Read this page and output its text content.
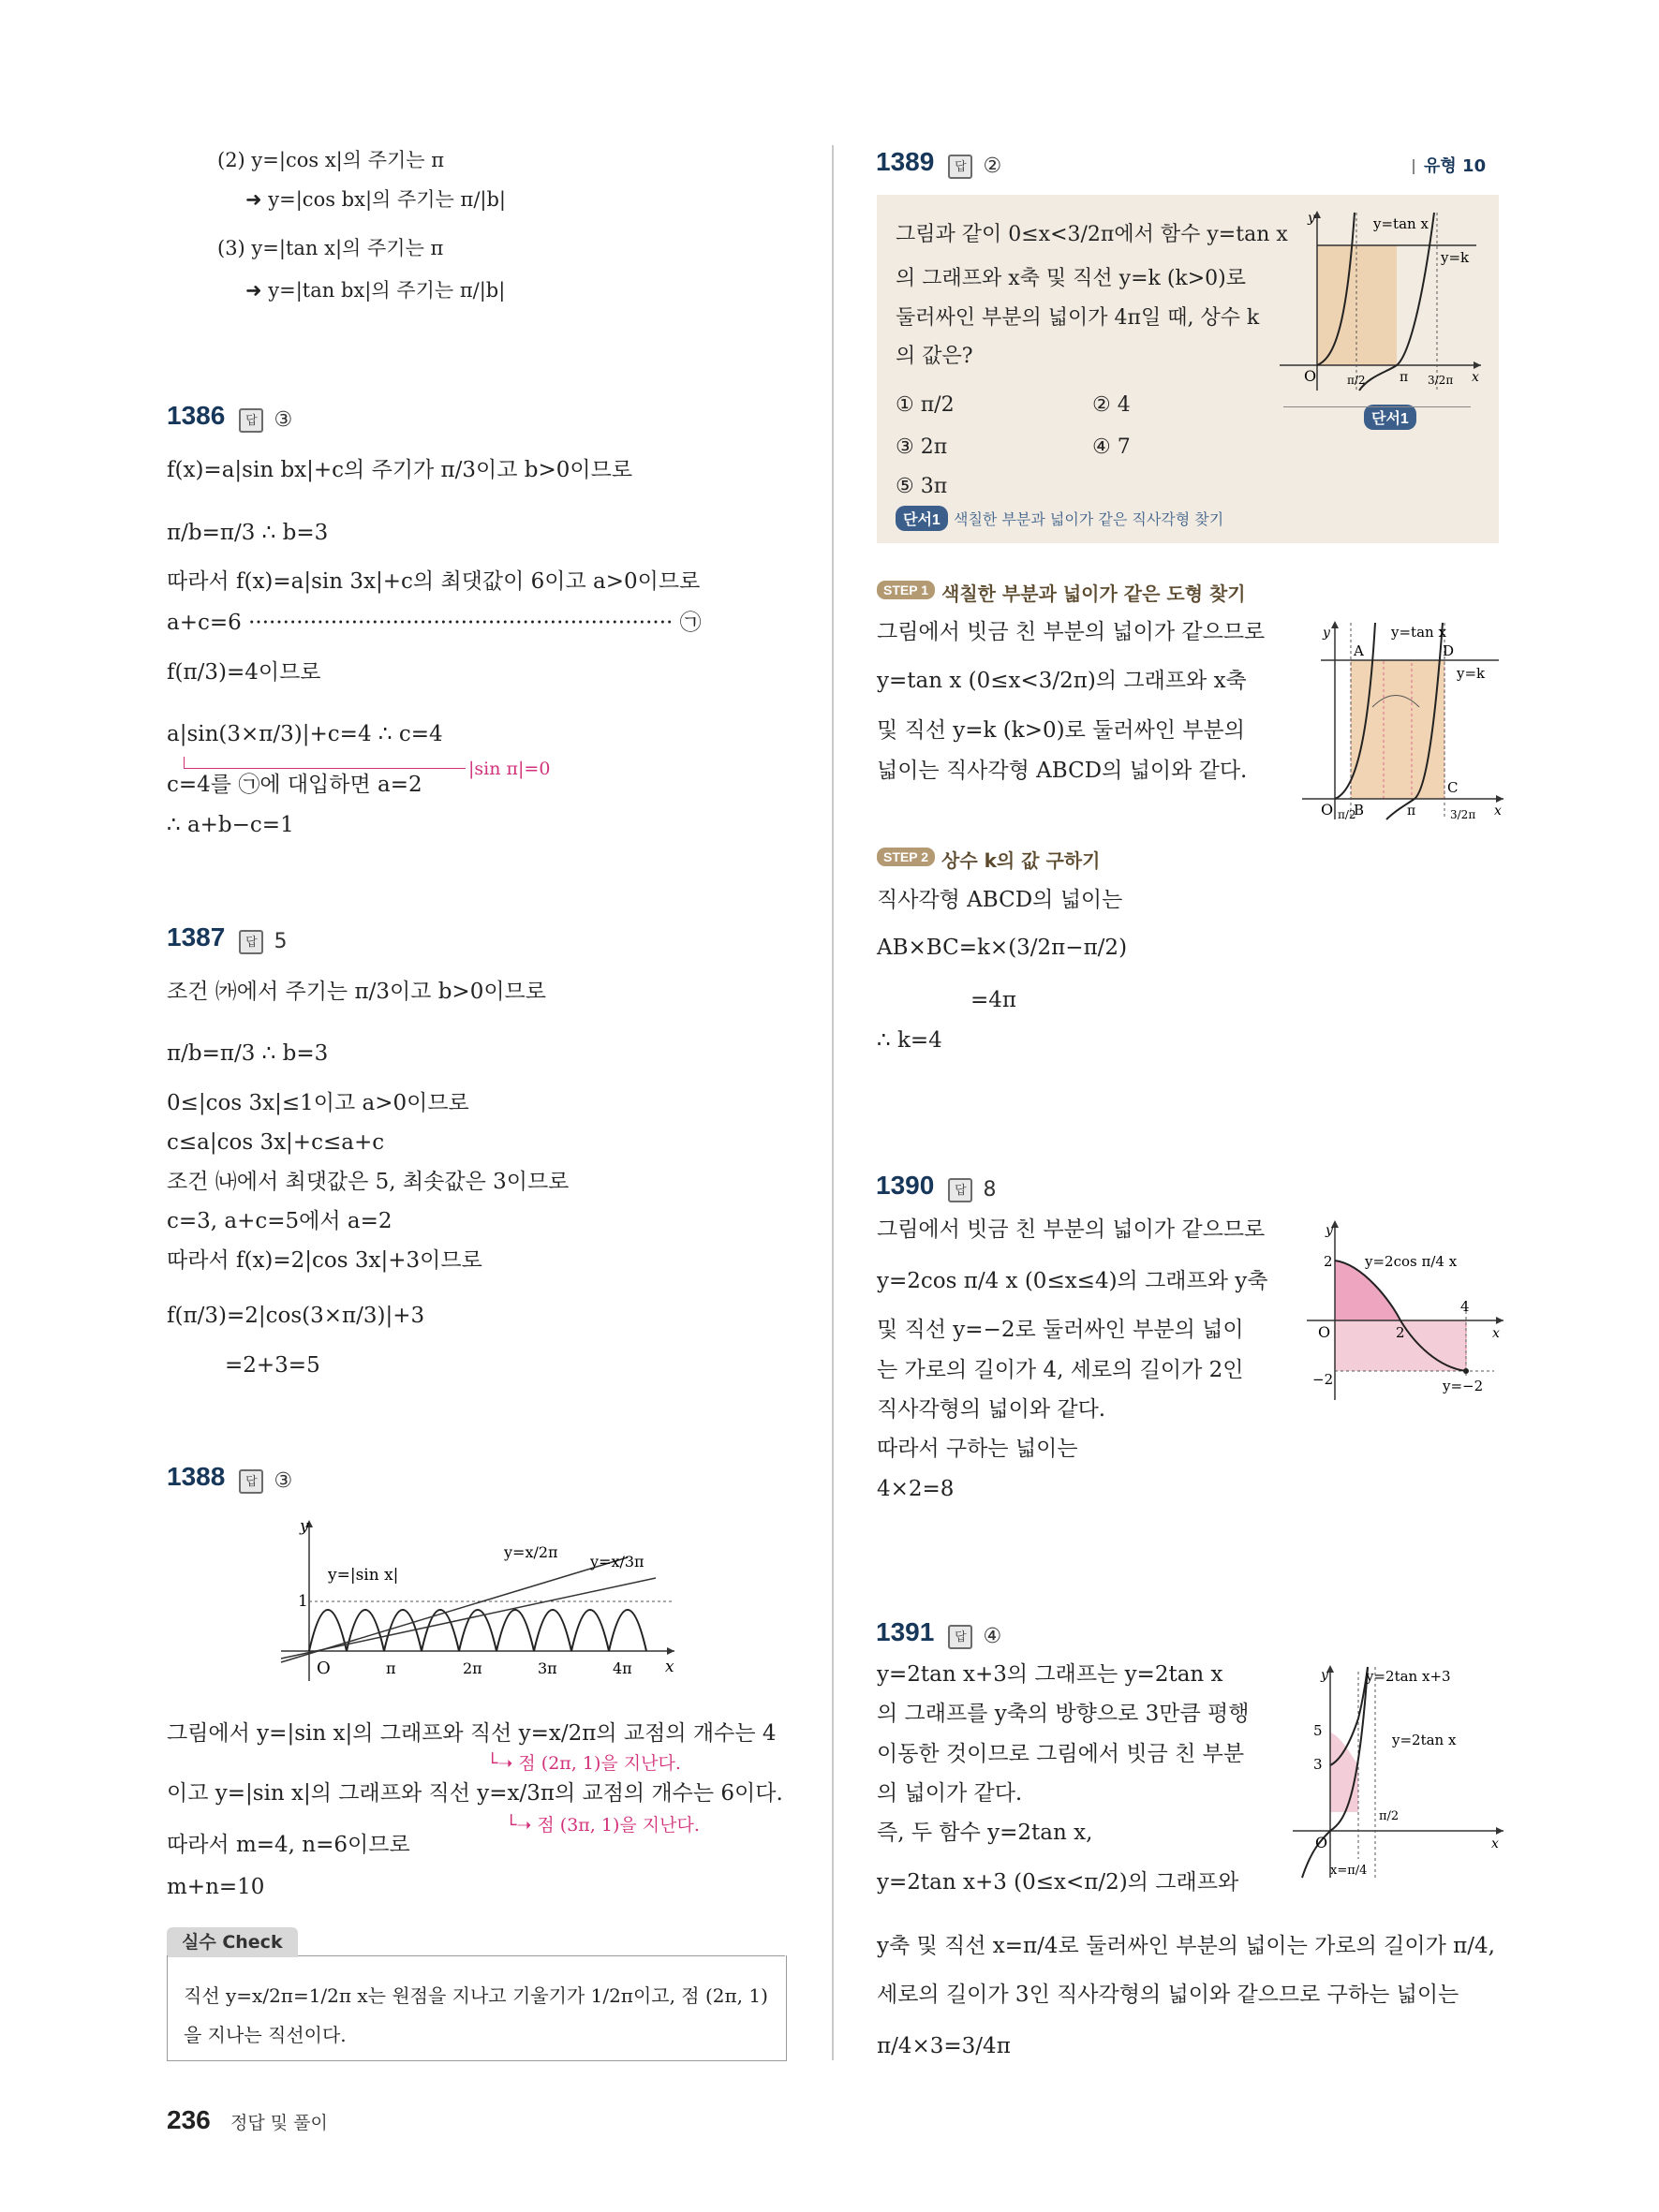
(2) y=|cos x|의 주기는 π
➜ y=|cos bx|의 주기는 π/|b|
(3) y=|tan x|의 주기는 π
➜ y=|tan bx|의 주기는 π/|b|
1386 답 ③
f(x)=a|sin bx|+c의 주기가 π/3이고 b>0이므로
π/b=π/3 ∴ b=3
따라서 f(x)=a|sin 3x|+c의 최댓값이 6이고 a>0이므로
a+c=6 ······························································ ㉠
f(π/3)=4이므로
a|sin(3×π/3)|+c=4 ∴ c=4
|sin π|=0
c=4를 ㉠에 대입하면 a=2
∴ a+b−c=1
1387 답 5
조건 ㈎에서 주기는 π/3이고 b>0이므로
π/b=π/3 ∴ b=3
0≤|cos 3x|≤1이고 a>0이므로
c≤a|cos 3x|+c≤a+c
조건 ㈏에서 최댓값은 5, 최솟값은 3이므로
c=3, a+c=5에서 a=2
따라서 f(x)=2|cos 3x|+3이므로
f(π/3)=2|cos(3×π/3)|+3
=2+3=5
1388 답 ③
y
x
O
1
y=|sin x|
y=x/2π
y=x/3π
π	2π	3π	4π
그림에서 y=|sin x|의 그래프와 직선 y=x/2π의 교점의 개수는 4
└➝ 점 (2π, 1)을 지난다.
이고 y=|sin x|의 그래프와 직선 y=x/3π의 교점의 개수는 6이다.
└➝ 점 (3π, 1)을 지난다.
따라서 m=4, n=6이므로
m+n=10
실수 Check
직선 y=x/2π=1/2π x는 원점을 지나고 기울기가 1/2π이고, 점 (2π, 1)
을 지나는 직선이다.
1389 답 ②	유형 10
그림과 같이 0≤x<3/2π에서 함수 y=tan x
의 그래프와 x축 및 직선 y=k (k>0)로
둘러싸인 부분의 넓이가 4π일 때, 상수 k
의 값은?
① π/2	② 4
③ 2π	④ 7
⑤ 3π
단서1 색칠한 부분과 넓이가 같은 직사각형 찾기
y
x
O
y=tan x
y=k
π/2	π 3/2π
단서1
STEP 1 색칠한 부분과 넓이가 같은 도형 찾기
그림에서 빗금 친 부분의 넓이가 같으므로
y=tan x (0≤x<3/2π)의 그래프와 x축
및 직선 y=k (k>0)로 둘러싸인 부분의
넓이는 직사각형 ABCD의 넓이와 같다.
y
x
O
y=tan x
y=k
A
B
C
D
π/2	π	3/2π
STEP 2 상수 k의 값 구하기
직사각형 ABCD의 넓이는
AB×BC=k×(3/2π−π/2)
=4π
∴ k=4
1390 답 8
그림에서 빗금 친 부분의 넓이가 같으므로
y=2cos π/4 x (0≤x≤4)의 그래프와 y축
및 직선 y=−2로 둘러싸인 부분의 넓이
는 가로의 길이가 4, 세로의 길이가 2인
직사각형의 넓이와 같다.
따라서 구하는 넓이는
4×2=8
y
x
O
2
−2
4
2
y=2cos π/4 x
y=−2
1391 답 ④
y=2tan x+3의 그래프는 y=2tan x
의 그래프를 y축의 방향으로 3만큼 평행
이동한 것이므로 그림에서 빗금 친 부분
의 넓이가 같다.
즉, 두 함수 y=2tan x,
y=2tan x+3 (0≤x<π/2)의 그래프와
y축 및 직선 x=π/4로 둘러싸인 부분의 넓이는 가로의 길이가 π/4,
세로의 길이가 3인 직사각형의 넓이와 같으므로 구하는 넓이는
π/4×3=3/4π
y
x
O
5
3
y=2tan x+3
y=2tan x
π/2
x=π/4
236 정답 및 풀이
